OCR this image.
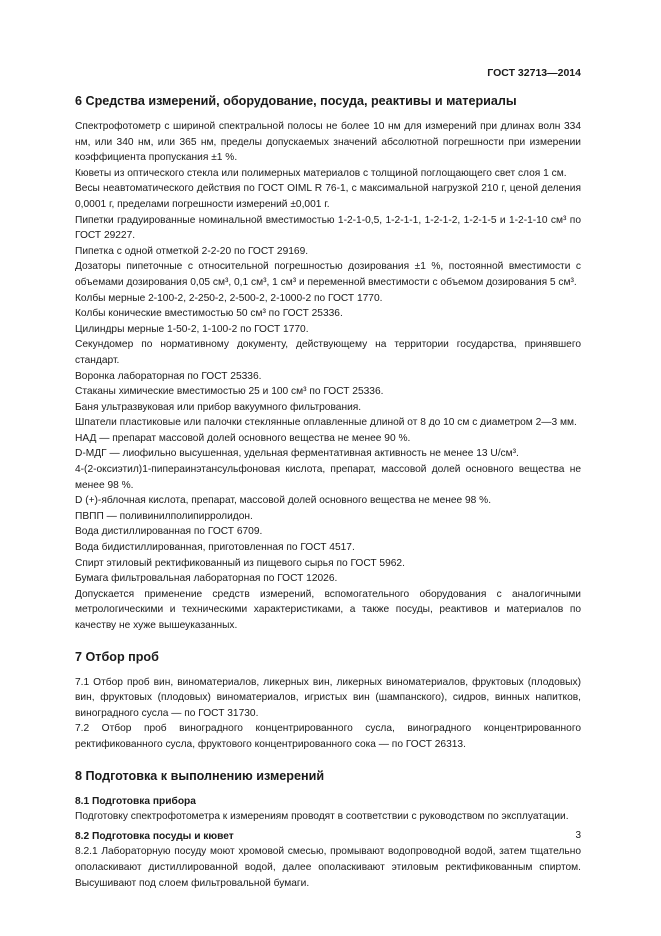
ГОСТ 32713—2014
6 Средства измерений, оборудование, посуда, реактивы и материалы

Спектрофотометр с шириной спектральной полосы не более 10 нм для измерений при длинах волн 334 нм, или 340 нм, или 365 нм, пределы допускаемых значений абсолютной погрешности при измерении коэффициента пропускания ±1 %.

Кюветы из оптического стекла или полимерных материалов с толщиной поглощающего свет слоя 1 см.

Весы неавтоматического действия по ГОСТ OIML R 76-1, с максимальной нагрузкой 210 г, ценой деления 0,0001 г, пределами погрешности измерений ±0,001 г.

Пипетки градуированные номинальной вместимостью 1-2-1-0,5, 1-2-1-1, 1-2-1-2, 1-2-1-5 и 1-2-1-10 см³ по ГОСТ 29227.

Пипетка с одной отметкой 2-2-20 по ГОСТ 29169.

Дозаторы пипеточные с относительной погрешностью дозирования ±1 %, постоянной вместимости с объемами дозирования 0,05 см³, 0,1 см³, 1 см³ и переменной вместимости с объемом дозирования 5 см³.

Колбы мерные 2-100-2, 2-250-2, 2-500-2, 2-1000-2 по ГОСТ 1770.

Колбы конические вместимостью 50 см³ по ГОСТ 25336.

Цилиндры мерные 1-50-2, 1-100-2 по ГОСТ 1770.

Секундомер по нормативному документу, действующему на территории государства, принявшего стандарт.

Воронка лабораторная по ГОСТ 25336.

Стаканы химические вместимостью 25 и 100 см³ по ГОСТ 25336.

Баня ультразвуковая или прибор вакуумного фильтрования.

Шпатели пластиковые или палочки стеклянные оплавленные длиной от 8 до 10 см с диаметром 2—3 мм.

НАД — препарат массовой долей основного вещества не менее 90 %.

D-МДГ — лиофильно высушенная, удельная ферментативная активность не менее 13 U/см³.

4-(2-оксиэтил)1-пипераинэтансульфоновая кислота, препарат, массовой долей основного вещества не менее 98 %.

D (+)-яблочная кислота, препарат, массовой долей основного вещества не менее 98 %.

ПВПП — поливинилполипирролидон.

Вода дистиллированная по ГОСТ 6709.

Вода бидистиллированная, приготовленная по ГОСТ 4517.

Спирт этиловый ректификованный из пищевого сырья по ГОСТ 5962.

Бумага фильтровальная лабораторная по ГОСТ 12026.

Допускается применение средств измерений, вспомогательного оборудования с аналогичными метрологическими и техническими характеристиками, а также посуды, реактивов и материалов по качеству не хуже вышеуказанных.

7 Отбор проб

7.1 Отбор проб вин, виноматериалов, ликерных вин, ликерных виноматериалов, фруктовых (плодовых) вин, фруктовых (плодовых) виноматериалов, игристых вин (шампанского), сидров, винных напитков, виноградного сусла — по ГОСТ 31730.

7.2 Отбор проб виноградного концентрированного сусла, виноградного концентрированного ректификованного сусла, фруктового концентрированного сока — по ГОСТ 26313.

8 Подготовка к выполнению измерений
8.1 Подготовка прибора

Подготовку спектрофотометра к измерениям проводят в соответствии с руководством по эксплуатации.

8.2 Подготовка посуды и кювет

8.2.1 Лабораторную посуду моют хромовой смесью, промывают водопроводной водой, затем тщательно ополаскивают дистиллированной водой, далее ополаскивают этиловым ректификованным спиртом. Высушивают под слоем фильтровальной бумаги.

3
